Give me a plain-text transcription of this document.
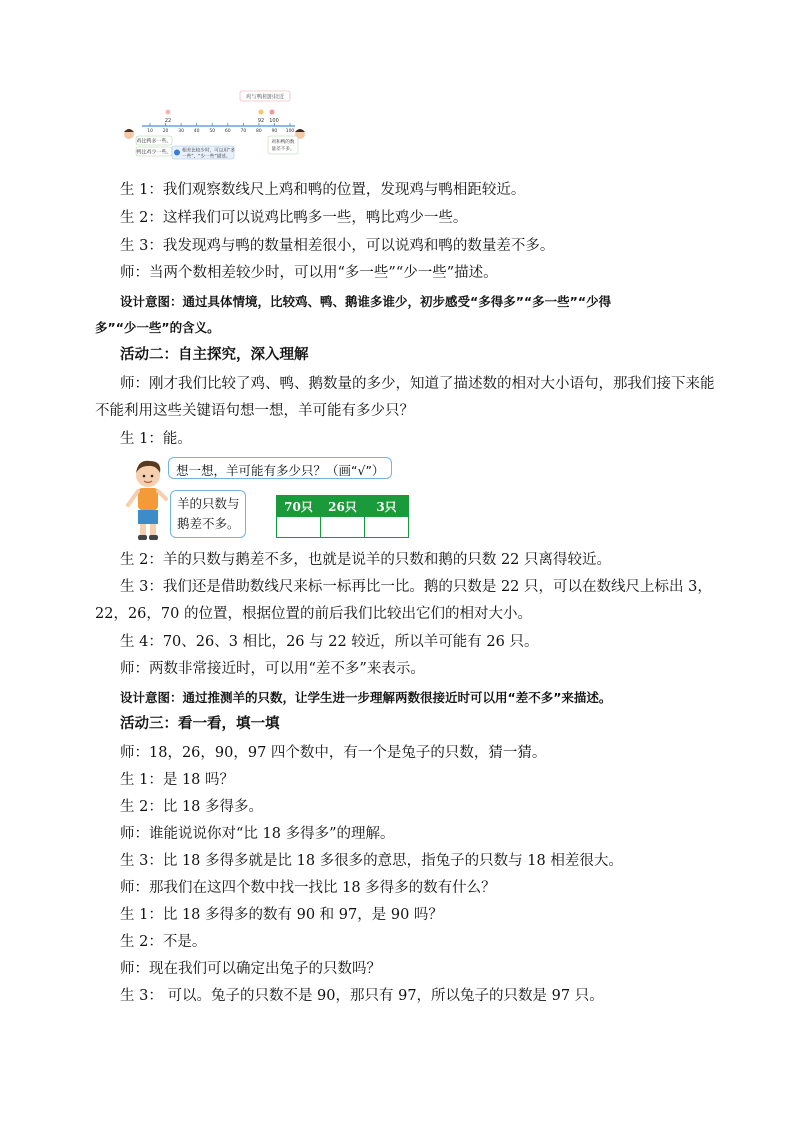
鸡与鸭相距较近
10 20 30 40 50 60 70 80 90 100
22	92 100
鸡比鸭多一些。
鸭比鸡少一些。 相差比较少时，可以用“多
一些”、“少一些”描述。
鸡和鸭的数
量差不多。
生 1：我们观察数线尺上鸡和鸭的位置，发现鸡与鸭相距较近。
生 2：这样我们可以说鸡比鸭多一些，鸭比鸡少一些。
生 3：我发现鸡与鸭的数量相差很小，可以说鸡和鸭的数量差不多。
师：当两个数相差较少时，可以用“多一些”“少一些”描述。
设计意图：通过具体情境，比较鸡、鸭、鹅谁多谁少，初步感受“多得多”“多一些”“少得
多”“少一些”的含义。
活动二：自主探究，深入理解
师：刚才我们比较了鸡、鸭、鹅数量的多少，知道了描述数的相对大小语句，那我们接下来能
不能利用这些关键语句想一想，羊可能有多少只？
生 1：能。
想一想，羊可能有多少只？（画“√”）
羊的只数与
鹅差不多。
70只	26只	3只

生 2：羊的只数与鹅差不多，也就是说羊的只数和鹅的只数 22 只离得较近。
生 3：我们还是借助数线尺来标一标再比一比。鹅的只数是 22 只，可以在数线尺上标出 3，
22，26，70 的位置，根据位置的前后我们比较出它们的相对大小。
生 4：70、26、3 相比，26 与 22 较近，所以羊可能有 26 只。
师：两数非常接近时，可以用“差不多”来表示。
设计意图：通过推测羊的只数，让学生进一步理解两数很接近时可以用“差不多”来描述。
活动三：看一看，填一填
师：18，26，90，97 四个数中，有一个是兔子的只数，猜一猜。
生 1：是 18 吗？
生 2：比 18 多得多。
师：谁能说说你对“比 18 多得多”的理解。
生 3：比 18 多得多就是比 18 多很多的意思，指兔子的只数与 18 相差很大。
师：那我们在这四个数中找一找比 18 多得多的数有什么？
生 1：比 18 多得多的数有 90 和 97，是 90 吗？
生 2：不是。
师：现在我们可以确定出兔子的只数吗？
生 3： 可以。兔子的只数不是 90，那只有 97，所以兔子的只数是 97 只。
